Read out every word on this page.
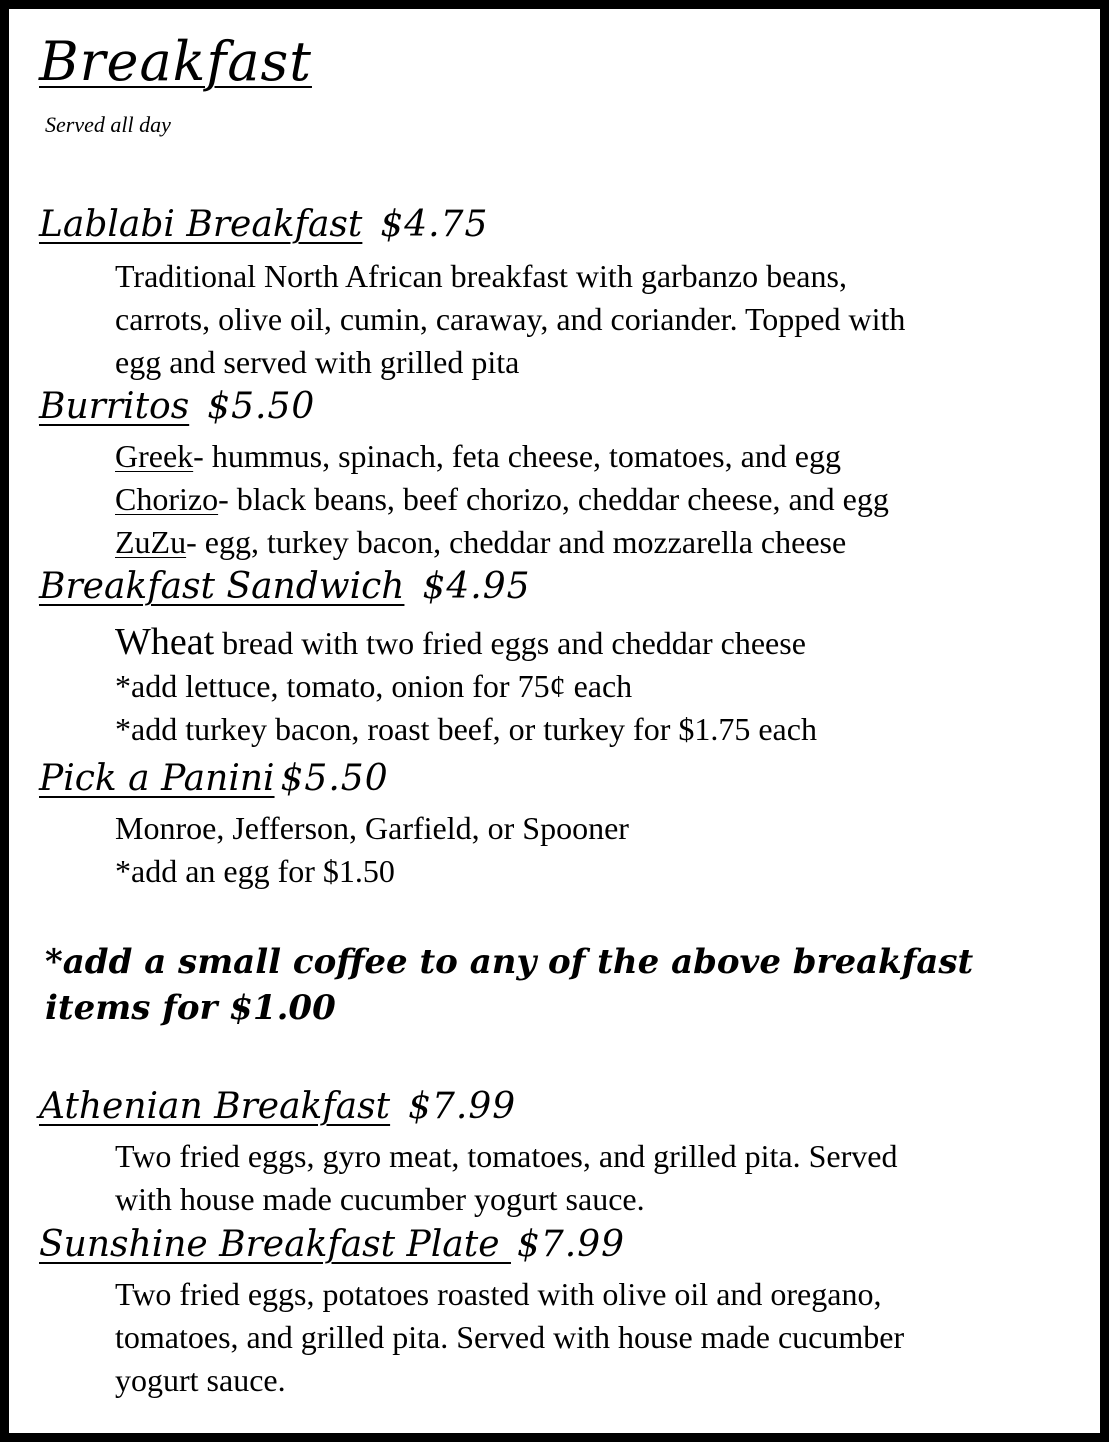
Breakfast
Served all day
Lablabi Breakfast $4.75
Traditional North African breakfast with garbanzo beans,
carrots, olive oil, cumin, caraway, and coriander. Topped with
egg and served with grilled pita
Burritos $5.50
Greek- hummus, spinach, feta cheese, tomatoes, and egg
Chorizo- black beans, beef chorizo, cheddar cheese, and egg
ZuZu- egg, turkey bacon, cheddar and mozzarella cheese
Breakfast Sandwich $4.95
Wheat bread with two fried eggs and cheddar cheese
*add lettuce, tomato, onion for 75¢ each
*add turkey bacon, roast beef, or turkey for $1.75 each
Pick a Panini $5.50
Monroe, Jefferson, Garfield, or Spooner
*add an egg for $1.50
*add a small coffee to any of the above breakfast
items for $1.00
Athenian Breakfast $7.99
Two fried eggs, gyro meat, tomatoes, and grilled pita. Served
with house made cucumber yogurt sauce.
Sunshine Breakfast Plate $7.99
Two fried eggs, potatoes roasted with olive oil and oregano,
tomatoes, and grilled pita. Served with house made cucumber
yogurt sauce.
